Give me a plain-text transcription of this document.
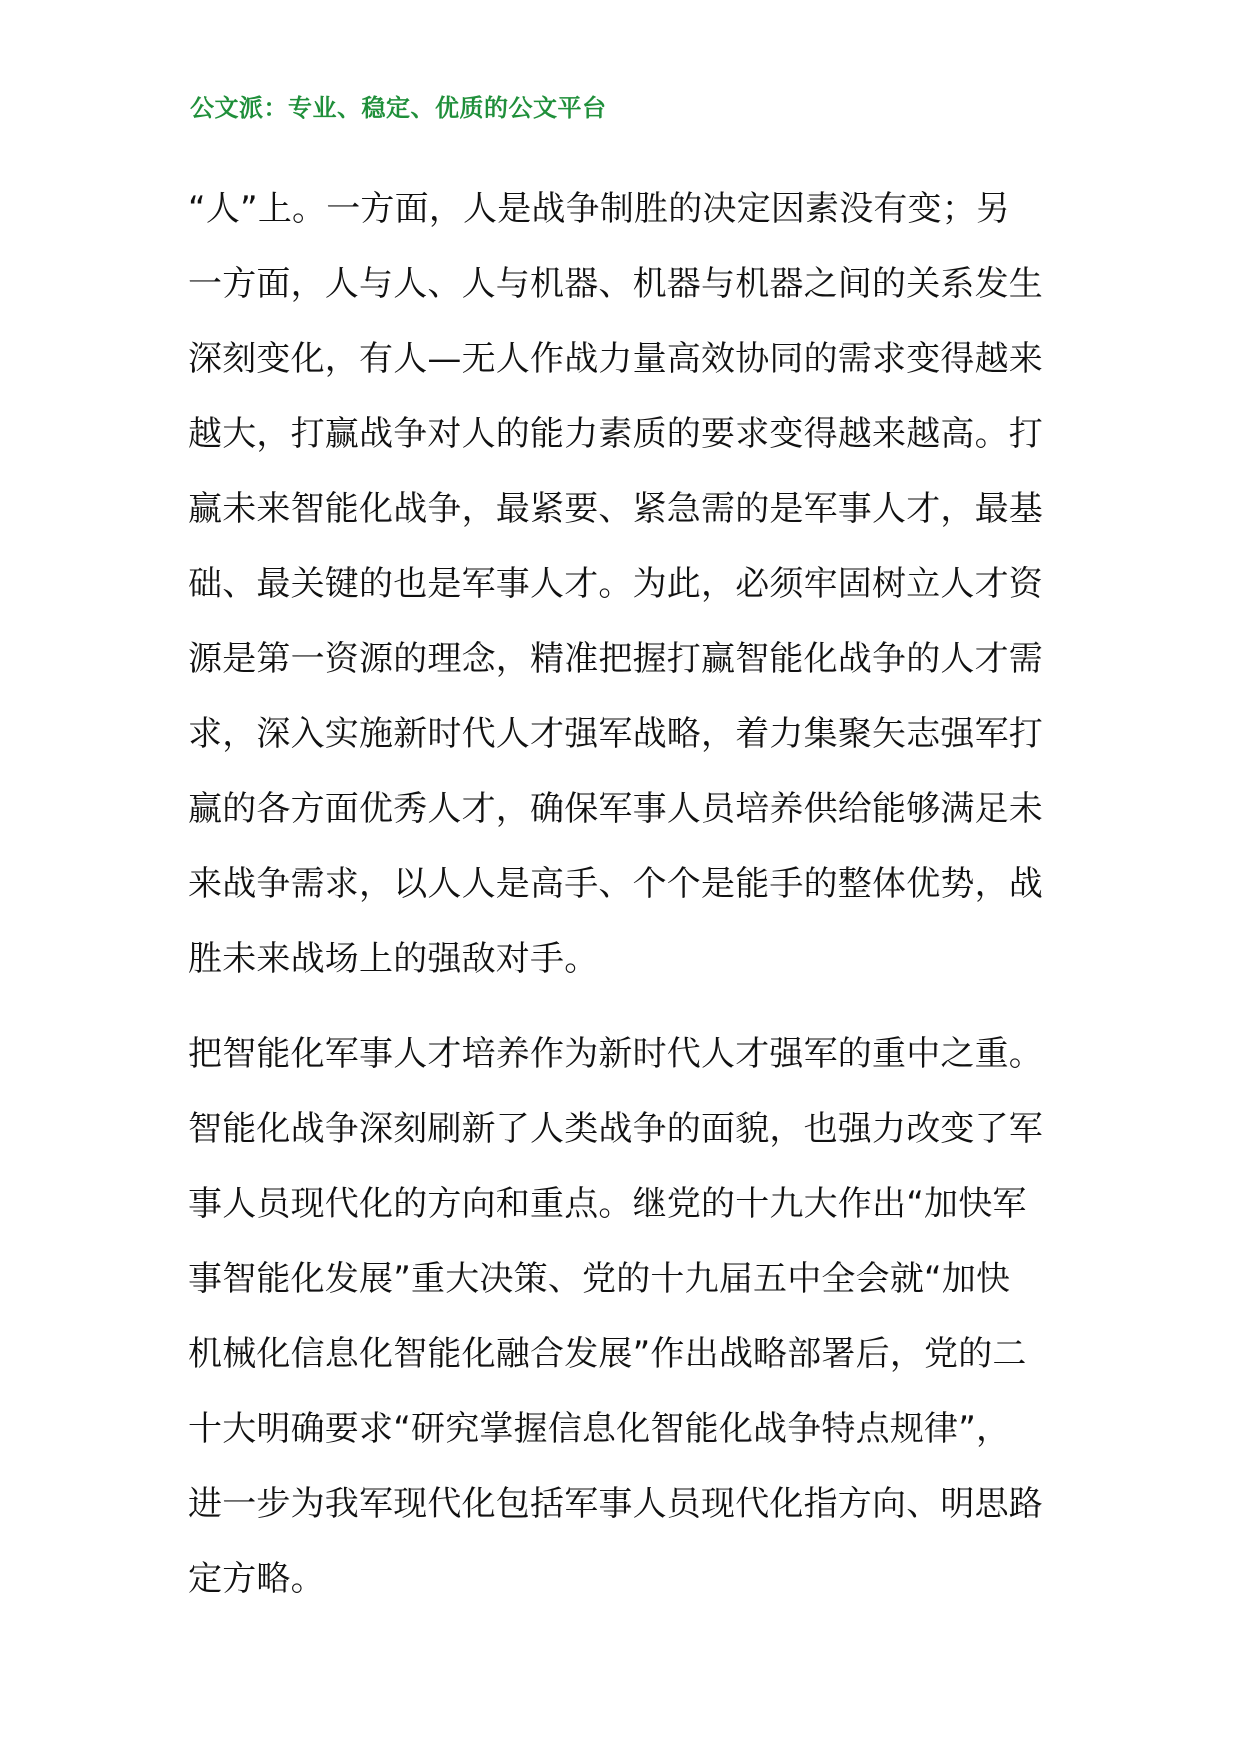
公文派：专业、稳定、优质的公文平台
“人”上。一方面，人是战争制胜的决定因素没有变；另
一方面，人与人、人与机器、机器与机器之间的关系发生
深刻变化，有人—无人作战力量高效协同的需求变得越来
越大，打赢战争对人的能力素质的要求变得越来越高。打
赢未来智能化战争，最紧要、紧急需的是军事人才，最基
础、最关键的也是军事人才。为此，必须牢固树立人才资
源是第一资源的理念，精准把握打赢智能化战争的人才需
求，深入实施新时代人才强军战略，着力集聚矢志强军打
赢的各方面优秀人才，确保军事人员培养供给能够满足未
来战争需求，以人人是高手、个个是能手的整体优势，战
胜未来战场上的强敌对手。
把智能化军事人才培养作为新时代人才强军的重中之重。
智能化战争深刻刷新了人类战争的面貌，也强力改变了军
事人员现代化的方向和重点。继党的十九大作出“加快军
事智能化发展”重大决策、党的十九届五中全会就“加快
机械化信息化智能化融合发展”作出战略部署后，党的二
十大明确要求“研究掌握信息化智能化战争特点规律”，
进一步为我军现代化包括军事人员现代化指方向、明思路
定方略。
